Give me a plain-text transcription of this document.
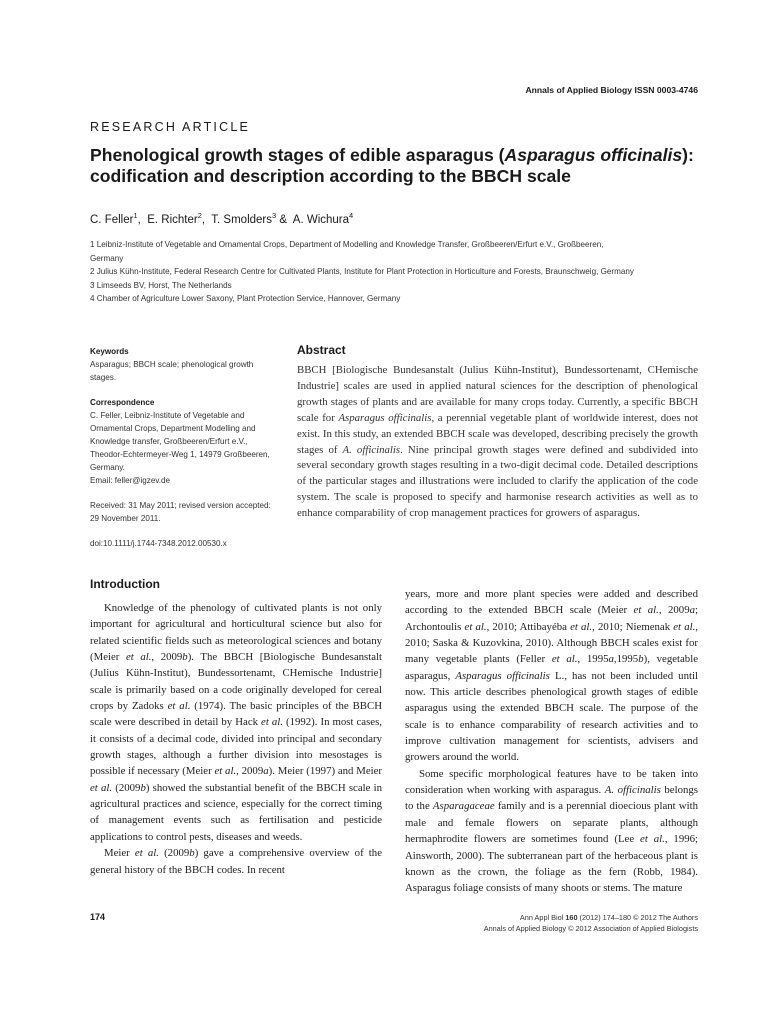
Annals of Applied Biology ISSN 0003-4746
RESEARCH ARTICLE
Phenological growth stages of edible asparagus (Asparagus officinalis): codification and description according to the BBCH scale
C. Feller$^1$,  E. Richter$^2$,  T. Smolders$^3$ &  A. Wichura$^4$
1 Leibniz-Institute of Vegetable and Ornamental Crops, Department of Modelling and Knowledge Transfer, Großbeeren/Erfurt e.V., Großbeeren,
Germany
2 Julius Kühn-Institute, Federal Research Centre for Cultivated Plants, Institute for Plant Protection in Horticulture and Forests, Braunschweig, Germany
3 Limseeds BV, Horst, The Netherlands
4 Chamber of Agriculture Lower Saxony, Plant Protection Service, Hannover, Germany
Keywords
Asparagus; BBCH scale; phenological growth stages.
Correspondence
C. Feller, Leibniz-Institute of Vegetable and Ornamental Crops, Department Modelling and Knowledge transfer, Großbeeren/Erfurt e.V., Theodor-Echtermeyer-Weg 1, 14979 Großbeeren, Germany.
Email: feller@igzev.de
Received: 31 May 2011; revised version accepted: 29 November 2011.
doi:10.1111/j.1744-7348.2012.00530.x
Abstract
BBCH [Biologische Bundesanstalt (Julius Kühn-Institut), Bundessortenamt, CHemische Industrie] scales are used in applied natural sciences for the description of phenological growth stages of plants and are available for many crops today. Currently, a specific BBCH scale for Asparagus officinalis, a perennial vegetable plant of worldwide interest, does not exist. In this study, an extended BBCH scale was developed, describing precisely the growth stages of A. officinalis. Nine principal growth stages were defined and subdivided into several secondary growth stages resulting in a two-digit decimal code. Detailed descriptions of the particular stages and illustrations were included to clarify the application of the code system. The scale is proposed to specify and harmonise research activities as well as to enhance comparability of crop management practices for growers of asparagus.
Introduction

Knowledge of the phenology of cultivated plants is not only important for agricultural and horticultural science but also for related scientific fields such as meteorological sciences and botany (Meier et al., 2009b). The BBCH [Biologische Bundesanstalt (Julius Kühn-Institut), Bundessortenamt, CHemische Industrie] scale is primarily based on a code originally developed for cereal crops by Zadoks et al. (1974). The basic principles of the BBCH scale were described in detail by Hack et al. (1992). In most cases, it consists of a decimal code, divided into principal and secondary growth stages, although a further division into mesostages is possible if necessary (Meier et al., 2009a). Meier (1997) and Meier et al. (2009b) showed the substantial benefit of the BBCH scale in agricultural practices and science, especially for the correct timing of management events such as fertilisation and pesticide applications to control pests, diseases and weeds.

Meier et al. (2009b) gave a comprehensive overview of the general history of the BBCH codes. In recent

years, more and more plant species were added and described according to the extended BBCH scale (Meier et al., 2009a; Archontoulis et al., 2010; Attibayéba et al., 2010; Niemenak et al., 2010; Saska & Kuzovkina, 2010). Although BBCH scales exist for many vegetable plants (Feller et al., 1995a,1995b), vegetable asparagus, Asparagus officinalis L., has not been included until now. This article describes phenological growth stages of edible asparagus using the extended BBCH scale. The purpose of the scale is to enhance comparability of research activities and to improve cultivation management for scientists, advisers and growers around the world.

Some specific morphological features have to be taken into consideration when working with asparagus. A. officinalis belongs to the Asparagaceae family and is a perennial dioecious plant with male and female flowers on separate plants, although hermaphrodite flowers are sometimes found (Lee et al., 1996; Ainsworth, 2000). The subterranean part of the herbaceous plant is known as the crown, the foliage as the fern (Robb, 1984). Asparagus foliage consists of many shoots or stems. The mature

174	Ann Appl Biol 160 (2012) 174–180 © 2012 The Authors
Annals of Applied Biology © 2012 Association of Applied Biologists
